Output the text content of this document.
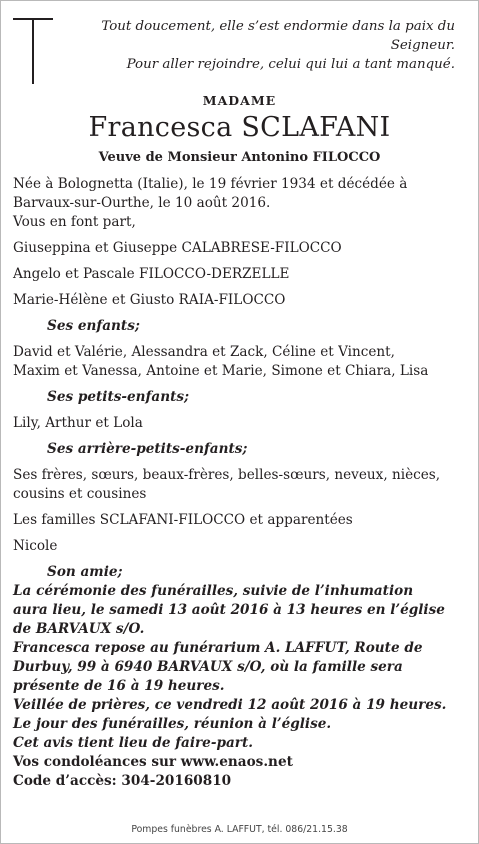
Tout doucement, elle s’est endormie dans la paix du
Seigneur.
Pour aller rejoindre, celui qui lui a tant manqué.
MADAME
Francesca SCLAFANI
Veuve de Monsieur Antonino FILOCCO
Née à Bolognetta (Italie), le 19 février 1934 et décédée à
Barvaux-sur-Ourthe, le 10 août 2016.
Vous en font part,
Giuseppina et Giuseppe CALABRESE-FILOCCO
Angelo et Pascale FILOCCO-DERZELLE
Marie-Hélène et Giusto RAIA-FILOCCO
Ses enfants;
David et Valérie, Alessandra et Zack, Céline et Vincent,
Maxim et Vanessa, Antoine et Marie, Simone et Chiara, Lisa
Ses petits-enfants;
Lily, Arthur et Lola
Ses arrière-petits-enfants;
Ses frères, sœurs, beaux-frères, belles-sœurs, neveux, nièces,
cousins et cousines
Les familles SCLAFANI-FILOCCO et apparentées
Nicole
Son amie;
La cérémonie des funérailles, suivie de l’inhumation
aura lieu, le samedi 13 août 2016 à 13 heures en l’église
de BARVAUX s/O.
Francesca repose au funérarium A. LAFFUT, Route de
Durbuy, 99 à 6940 BARVAUX s/O, où la famille sera
présente de 16 à 19 heures.
Veillée de prières, ce vendredi 12 août 2016 à 19 heures.
Le jour des funérailles, réunion à l’église.
Cet avis tient lieu de faire-part.
Vos condoléances sur www.enaos.net
Code d’accès: 304-20160810
Pompes funèbres A. LAFFUT, tél. 086/21.15.38
